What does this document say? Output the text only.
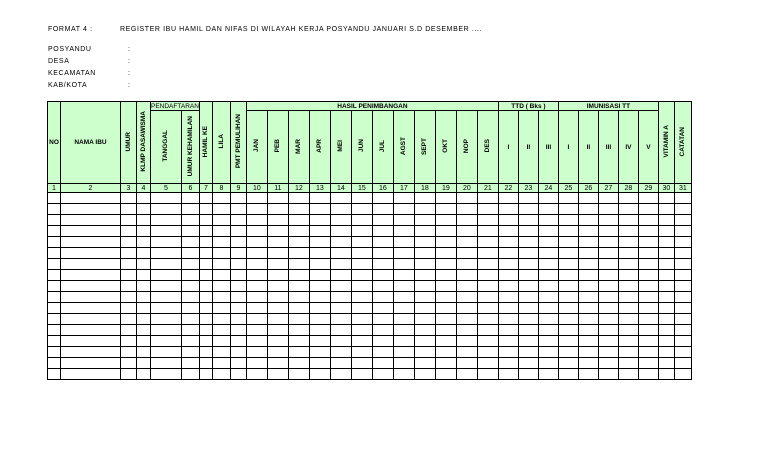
FORMAT 4 :	REGISTER IBU HAMIL DAN NIFAS DI WILAYAH KERJA POSYANDU JANUARI S.D DESEMBER ....
POSYANDU	:
DESA	:
KECAMATAN	:
KAB/KOTA	:
NO	NAMA IBU	UMUR	KLMP DASAWISMA	PENDAFTARAN		HAMIL KE	LILA	PMT PEMULIHAN	HASIL PENIMBANGAN												TTD ( Bks )			IMUNISASI TT					VITAMIN A	CATATAN
				TANGGAL	UMUR KEHAMILAN				JAN	PEB	MAR	APR	MEI	JUN	JUL	AGST	SEPT	OKT	NOP	DES	I	II	III	I	II	III	IV	V		
1	2	3	4	5	6	7	8	9	10	11	12	13	14	15	16	17	18	19	20	21	22	23	24	25	26	27	28	29	30	31
